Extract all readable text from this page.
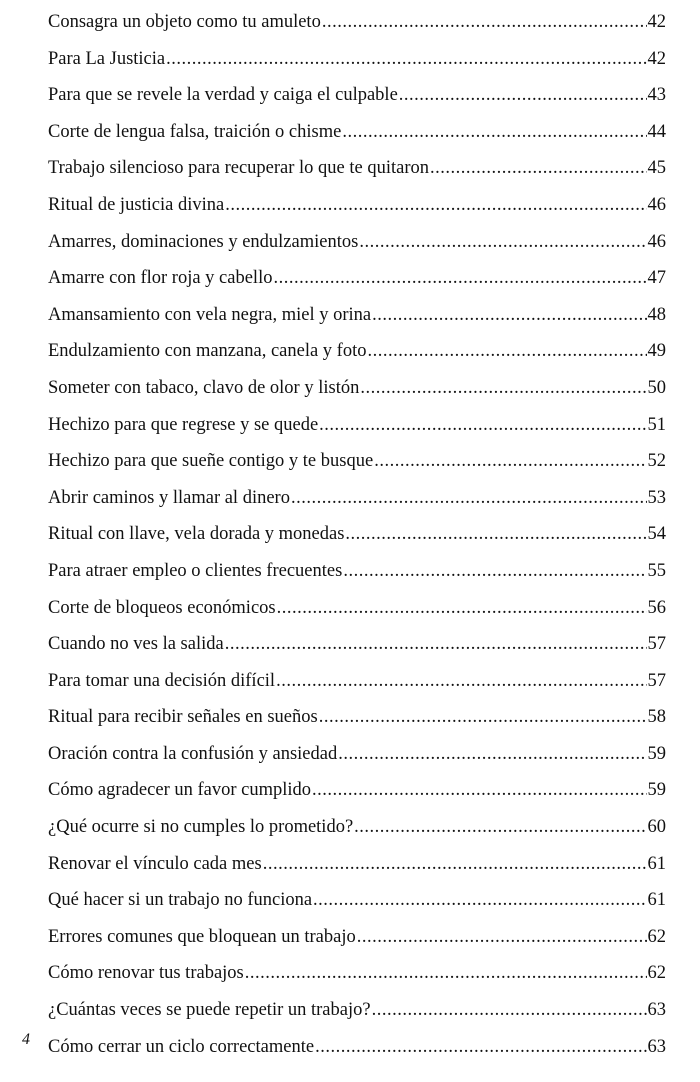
Consagra un objeto como tu amuleto .....	42
Para La Justicia .....	42
Para que se revele la verdad y caiga el culpable .....	43
Corte de lengua falsa, traición o chisme .....	44
Trabajo silencioso para recuperar lo que te quitaron .....	45
Ritual de justicia divina .....	46
Amarres, dominaciones y endulzamientos .....	46
Amarre con flor roja y cabello .....	47
Amansamiento con vela negra, miel y orina .....	48
Endulzamiento con manzana, canela y foto .....	49
Someter con tabaco, clavo de olor y listón .....	50
Hechizo para que regrese y se quede .....	51
Hechizo para que sueñe contigo y te busque .....	52
Abrir caminos y llamar al dinero .....	53
Ritual con llave, vela dorada y monedas .....	54
Para atraer empleo o clientes frecuentes .....	55
Corte de bloqueos económicos .....	56
Cuando no ves la salida .....	57
Para tomar una decisión difícil .....	57
Ritual para recibir señales en sueños .....	58
Oración contra la confusión y ansiedad .....	59
Cómo agradecer un favor cumplido .....	59
¿Qué ocurre si no cumples lo prometido? .....	60
Renovar el vínculo cada mes .....	61
Qué hacer si un trabajo no funciona .....	61
Errores comunes que bloquean un trabajo .....	62
Cómo renovar tus trabajos .....	62
¿Cuántas veces se puede repetir un trabajo? .....	63
Cómo cerrar un ciclo correctamente .....	63
4
